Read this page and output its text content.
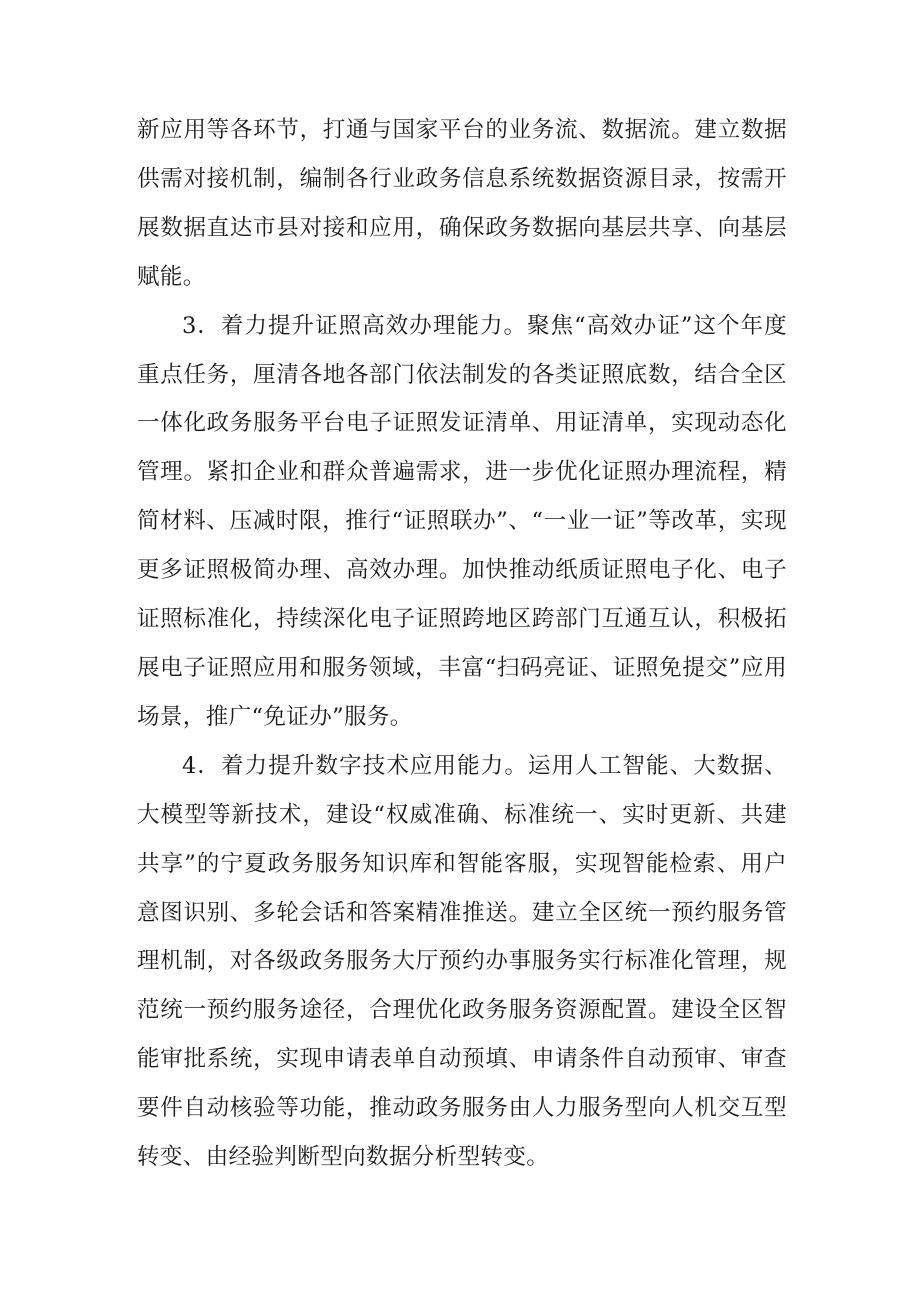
新应用等各环节，打通与国家平台的业务流、数据流。建立数据供需对接机制，编制各行业政务信息系统数据资源目录，按需开展数据直达市县对接和应用，确保政务数据向基层共享、向基层赋能。

3．着力提升证照高效办理能力。聚焦“高效办证”这个年度重点任务，厘清各地各部门依法制发的各类证照底数，结合全区一体化政务服务平台电子证照发证清单、用证清单，实现动态化管理。紧扣企业和群众普遍需求，进一步优化证照办理流程，精简材料、压减时限，推行“证照联办”、“一业一证”等改革，实现更多证照极简办理、高效办理。加快推动纸质证照电子化、电子证照标准化，持续深化电子证照跨地区跨部门互通互认，积极拓展电子证照应用和服务领域，丰富“扫码亮证、证照免提交”应用场景，推广“免证办”服务。

4．着力提升数字技术应用能力。运用人工智能、大数据、大模型等新技术，建设“权威准确、标准统一、实时更新、共建共享”的宁夏政务服务知识库和智能客服，实现智能检索、用户意图识别、多轮会话和答案精准推送。建立全区统一预约服务管理机制，对各级政务服务大厅预约办事服务实行标准化管理，规范统一预约服务途径，合理优化政务服务资源配置。建设全区智能审批系统，实现申请表单自动预填、申请条件自动预审、审查要件自动核验等功能，推动政务服务由人力服务型向人机交互型转变、由经验判断型向数据分析型转变。
